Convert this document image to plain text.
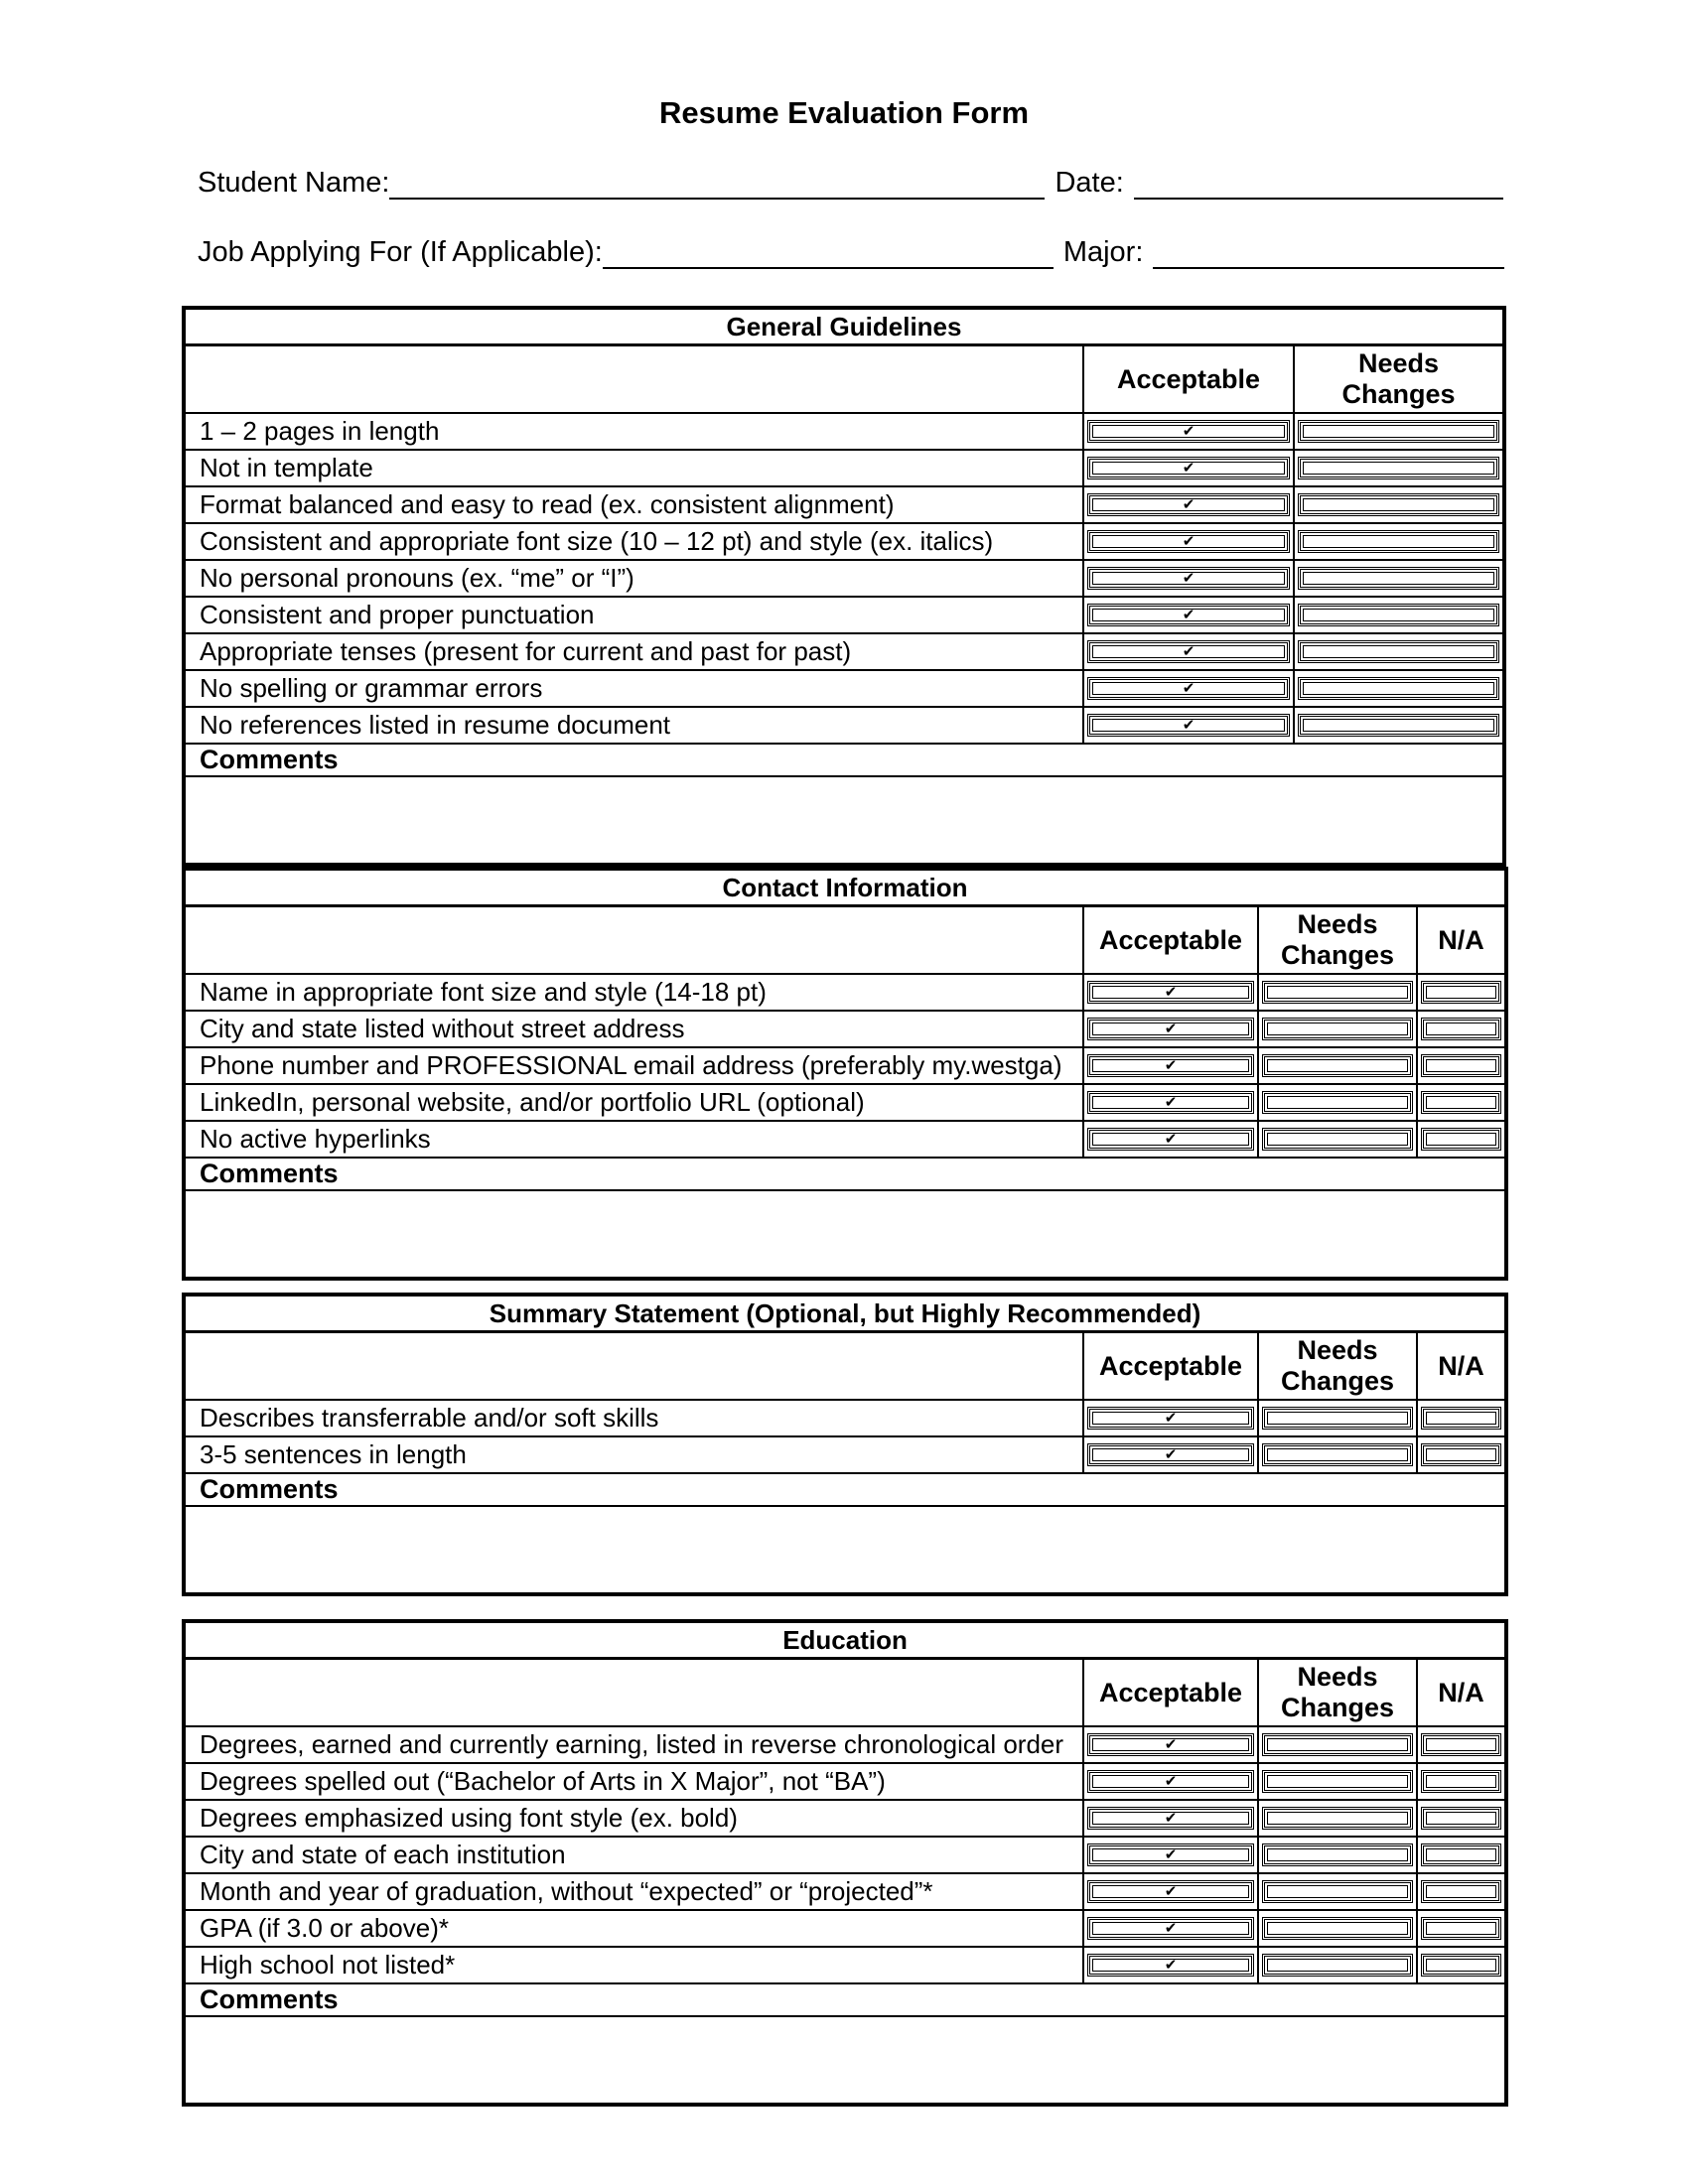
Resume Evaluation Form
Student Name:	Date:
Job Applying For (If Applicable):	Major:
General Guidelines		
	Acceptable	Needs Changes

1 – 2 pages in length	✔	

Not in template	✔	

Format balanced and easy to read (ex. consistent alignment)	✔	

Consistent and appropriate font size (10 – 12 pt) and style (ex. italics)	✔	

No personal pronouns (ex. “me” or “I”)	✔	

Consistent and proper punctuation	✔	

Appropriate tenses (present for current and past for past)	✔	

No spelling or grammar errors	✔	

No references listed in resume document	✔	

Comments		

Contact Information			
	Acceptable	Needs Changes	N/A
Name in appropriate font size and style (14-18 pt)	✔		

City and state listed without street address	✔		

Phone number and PROFESSIONAL email address (preferably my.westga)	✔		

LinkedIn, personal website, and/or portfolio URL (optional)	✔		

No active hyperlinks	✔		

Comments			

Summary Statement (Optional, but Highly Recommended)			
	Acceptable	Needs Changes	N/A
Describes transferrable and/or soft skills	✔		

3-5 sentences in length	✔		

Comments			

Education			
	Acceptable	Needs Changes	N/A
Degrees, earned and currently earning, listed in reverse chronological order	✔		

Degrees spelled out (“Bachelor of Arts in X Major”, not “BA”)	✔		

Degrees emphasized using font style (ex. bold)	✔		

City and state of each institution	✔		

Month and year of graduation, without “expected” or “projected”*	✔		

GPA (if 3.0 or above)*	✔		

High school not listed*	✔		

Comments			
